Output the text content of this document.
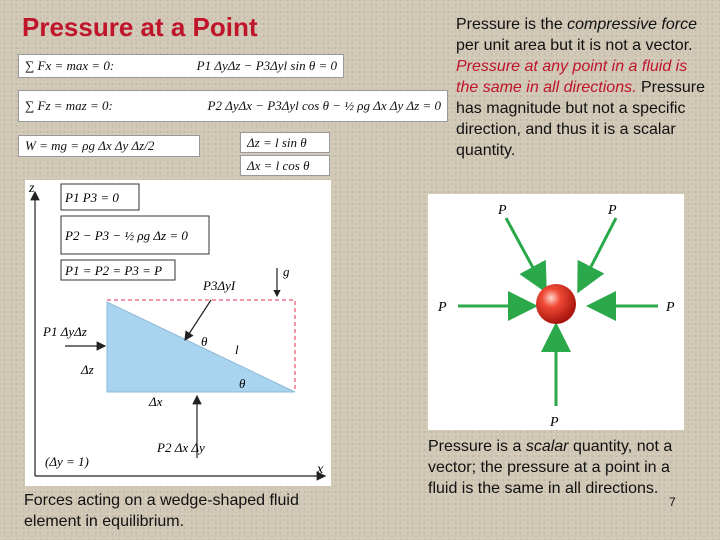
Pressure at a Point
∑ Fx = max = 0:	P1 ΔyΔz − P3Δyl sin θ = 0
∑ Fz = maz = 0:	P2 ΔyΔx − P3Δyl cos θ − ½ ρg Δx Δy Δz = 0
W = mg = ρg Δx Δy Δz/2	Δz = l sin θ
Δx = l cos θ
z
x
P1 P3 = 0
P2 − P3 − ½ ρg Δz = 0
P1 = P2 = P3 = P	g
P3ΔyI
θ
l
θ
P1 ΔyΔz
Δz
Δx
P2 Δx Δy
(Δy = 1)
Forces acting on a wedge-shaped fluid element in equilibrium.
Pressure is the compressive force per unit area but it is not a vector. Pressure at any point in a fluid is the same in all directions. Pressure has magnitude but not a specific direction, and thus it is a scalar quantity.
P	P
P	P
P
Pressure is a scalar quantity, not a vector; the pressure at a point in a fluid is the same in all directions.
7
